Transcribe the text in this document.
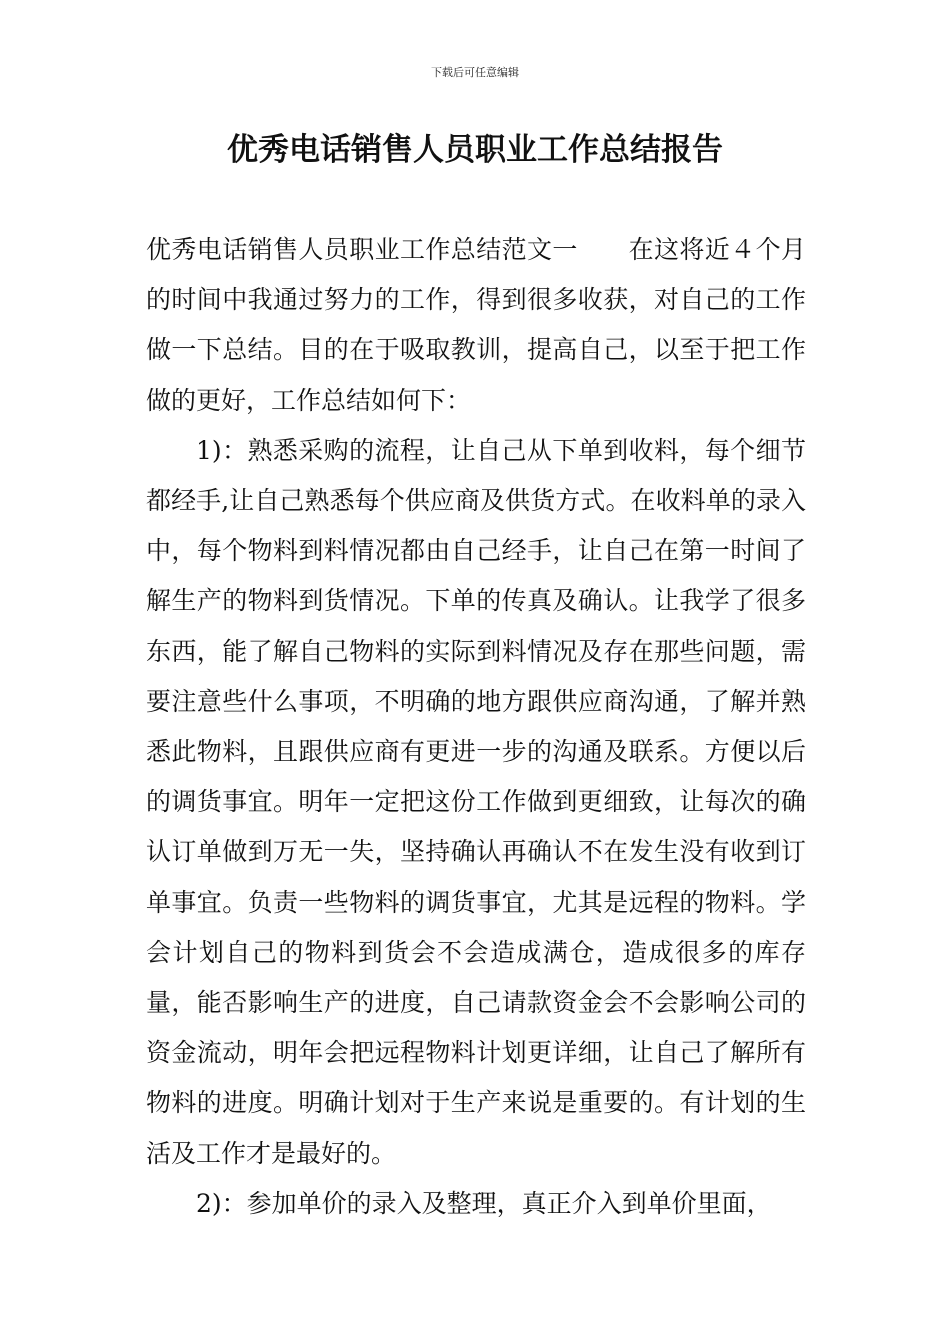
下载后可任意编辑
优秀电话销售人员职业工作总结报告

优秀电话销售人员职业工作总结范文一　　在这将近４个月的时间中我通过努力的工作，得到很多收获，对自己的工作做一下总结。目的在于吸取教训，提高自己，以至于把工作做的更好，工作总结如何下：

1)：熟悉采购的流程，让自己从下单到收料，每个细节都经手,让自己熟悉每个供应商及供货方式。在收料单的录入中，每个物料到料情况都由自己经手，让自己在第一时间了解生产的物料到货情况。下单的传真及确认。让我学了很多东西，能了解自己物料的实际到料情况及存在那些问题，需要注意些什么事项，不明确的地方跟供应商沟通，了解并熟悉此物料，且跟供应商有更进一步的沟通及联系。方便以后的调货事宜。明年一定把这份工作做到更细致，让每次的确认订单做到万无一失，坚持确认再确认不在发生没有收到订单事宜。负责一些物料的调货事宜，尤其是远程的物料。学会计划自己的物料到货会不会造成满仓，造成很多的库存量，能否影响生产的进度，自己请款资金会不会影响公司的资金流动，明年会把远程物料计划更详细，让自己了解所有物料的进度。明确计划对于生产来说是重要的。有计划的生活及工作才是最好的。

2)：参加单价的录入及整理，真正介入到单价里面，
